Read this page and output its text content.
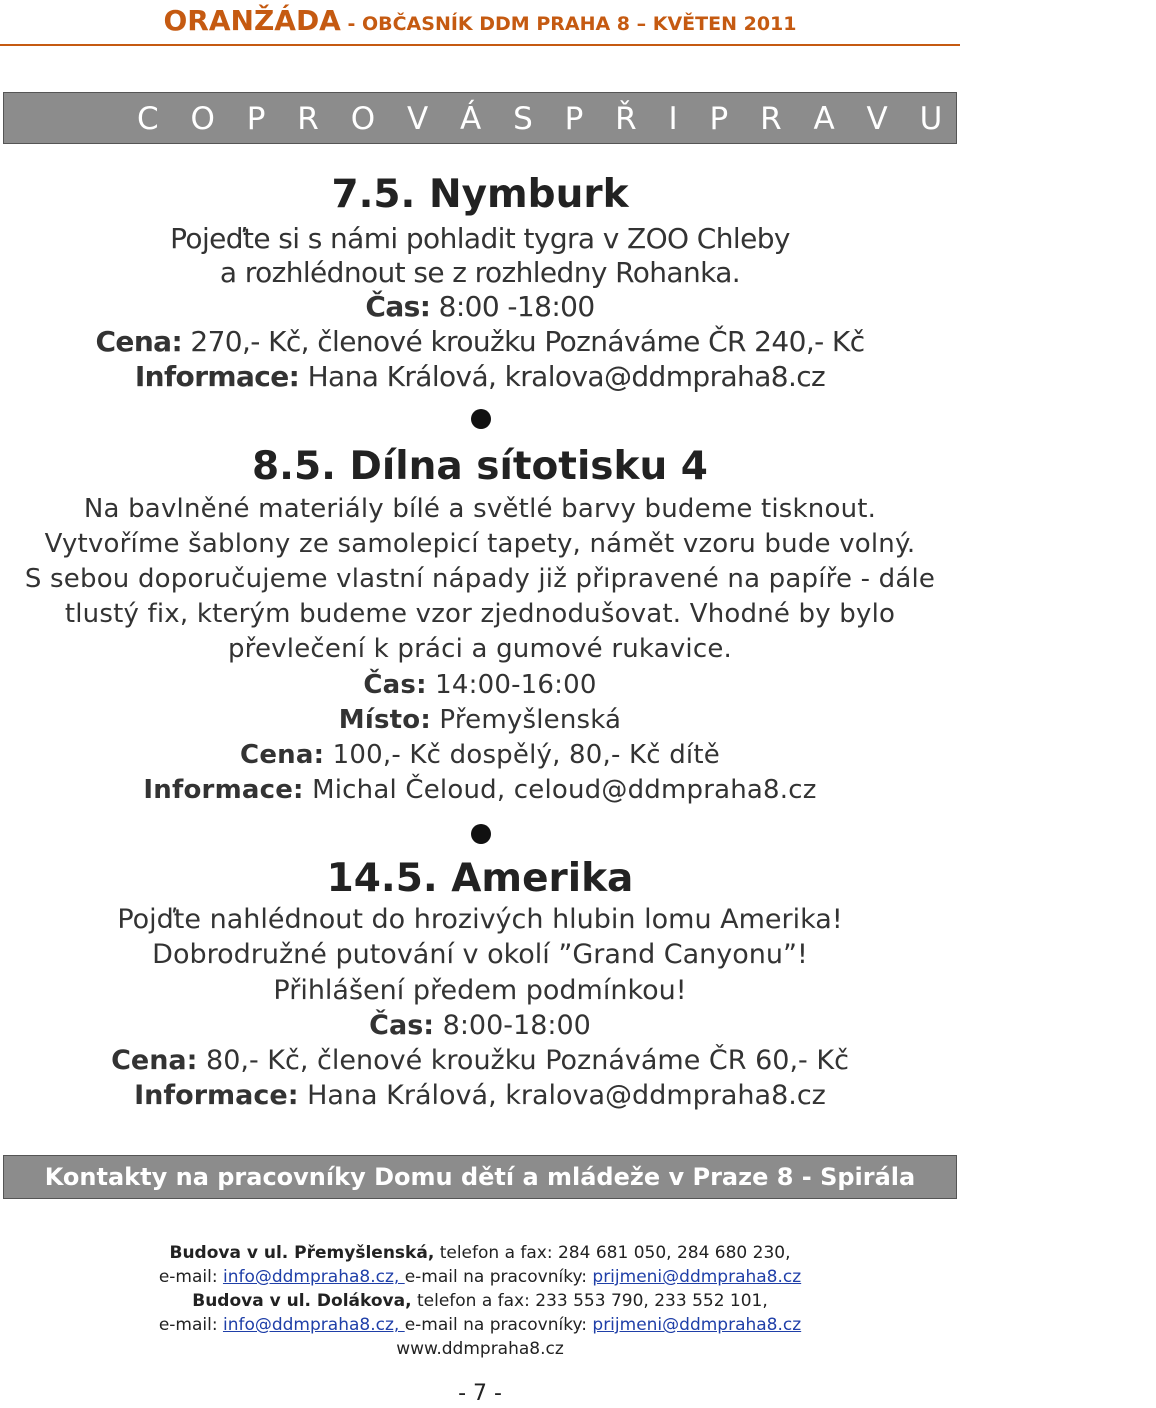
ORANŽÁDA - OBČASNÍK DDM PRAHA 8 – KVĚTEN 2011
C O P R O V Á S P Ř I P R A V U J E M E
7.5. Nymburk
Pojeďte si s námi pohladit tygra v ZOO Chleby
a rozhlédnout se z rozhledny Rohanka.
Čas: 8:00 -18:00
Cena: 270,- Kč, členové kroužku Poznáváme ČR 240,- Kč
Informace: Hana Králová, kralova@ddmpraha8.cz
8.5. Dílna sítotisku 4
Na bavlněné materiály bílé a světlé barvy budeme tisknout.
Vytvoříme šablony ze samolepicí tapety, námět vzoru bude volný.
S sebou doporučujeme vlastní nápady již připravené na papíře - dále
tlustý fix, kterým budeme vzor zjednodušovat. Vhodné by bylo
převlečení k práci a gumové rukavice.
Čas: 14:00-16:00
Místo: Přemyšlenská
Cena: 100,- Kč dospělý, 80,- Kč dítě
Informace: Michal Čeloud, celoud@ddmpraha8.cz
14.5. Amerika
Pojďte nahlédnout do hrozivých hlubin lomu Amerika!
Dobrodružné putování v okolí ”Grand Canyonu”!
Přihlášení předem podmínkou!
Čas: 8:00-18:00
Cena: 80,- Kč, členové kroužku Poznáváme ČR 60,- Kč
Informace: Hana Králová, kralova@ddmpraha8.cz
Kontakty na pracovníky Domu dětí a mládeže v Praze 8 - Spirála
Budova v ul. Přemyšlenská, telefon a fax: 284 681 050, 284 680 230,
e-mail: info@ddmpraha8.cz, e-mail na pracovníky: prijmeni@ddmpraha8.cz
Budova v ul. Dolákova, telefon a fax: 233 553 790, 233 552 101,
e-mail: info@ddmpraha8.cz, e-mail na pracovníky: prijmeni@ddmpraha8.cz
www.ddmpraha8.cz
- 7 -
